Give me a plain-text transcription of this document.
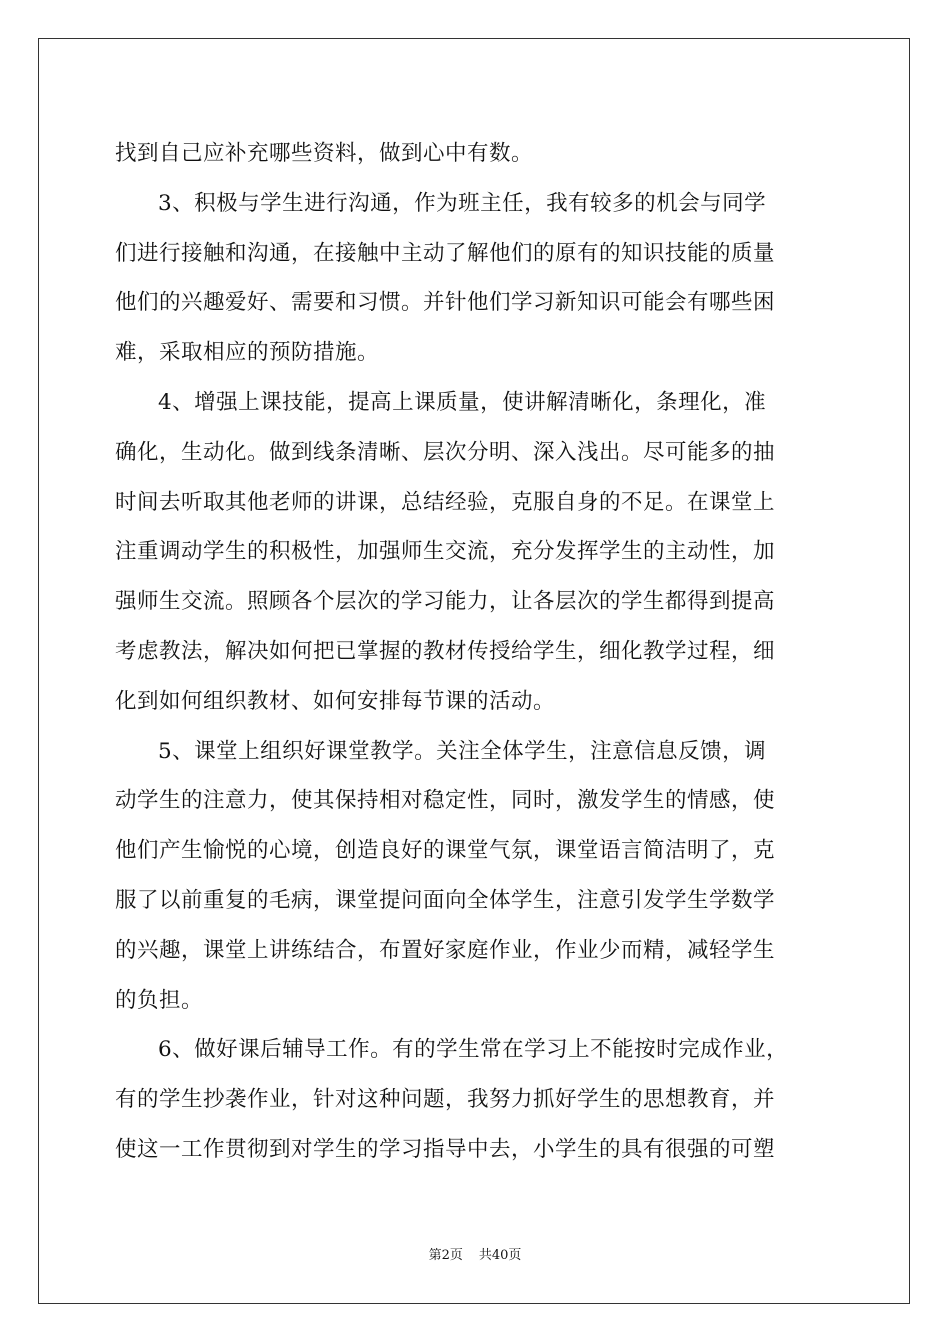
找到自己应补充哪些资料，做到心中有数。
3、积极与学生进行沟通，作为班主任，我有较多的机会与同学
们进行接触和沟通，在接触中主动了解他们的原有的知识技能的质量
他们的兴趣爱好、需要和习惯。并针他们学习新知识可能会有哪些困
难，采取相应的预防措施。
4、增强上课技能，提高上课质量，使讲解清晰化，条理化，准
确化，生动化。做到线条清晰、层次分明、深入浅出。尽可能多的抽
时间去听取其他老师的讲课，总结经验，克服自身的不足。在课堂上
注重调动学生的积极性，加强师生交流，充分发挥学生的主动性，加
强师生交流。照顾各个层次的学习能力，让各层次的学生都得到提高
考虑教法，解决如何把已掌握的教材传授给学生，细化教学过程，细
化到如何组织教材、如何安排每节课的活动。
5、课堂上组织好课堂教学。关注全体学生，注意信息反馈，调
动学生的注意力，使其保持相对稳定性，同时，激发学生的情感，使
他们产生愉悦的心境，创造良好的课堂气氛，课堂语言简洁明了，克
服了以前重复的毛病，课堂提问面向全体学生，注意引发学生学数学
的兴趣，课堂上讲练结合，布置好家庭作业，作业少而精，减轻学生
的负担。
6、做好课后辅导工作。有的学生常在学习上不能按时完成作业，
有的学生抄袭作业，针对这种问题，我努力抓好学生的思想教育，并
使这一工作贯彻到对学生的学习指导中去，小学生的具有很强的可塑
第2页 共40页
